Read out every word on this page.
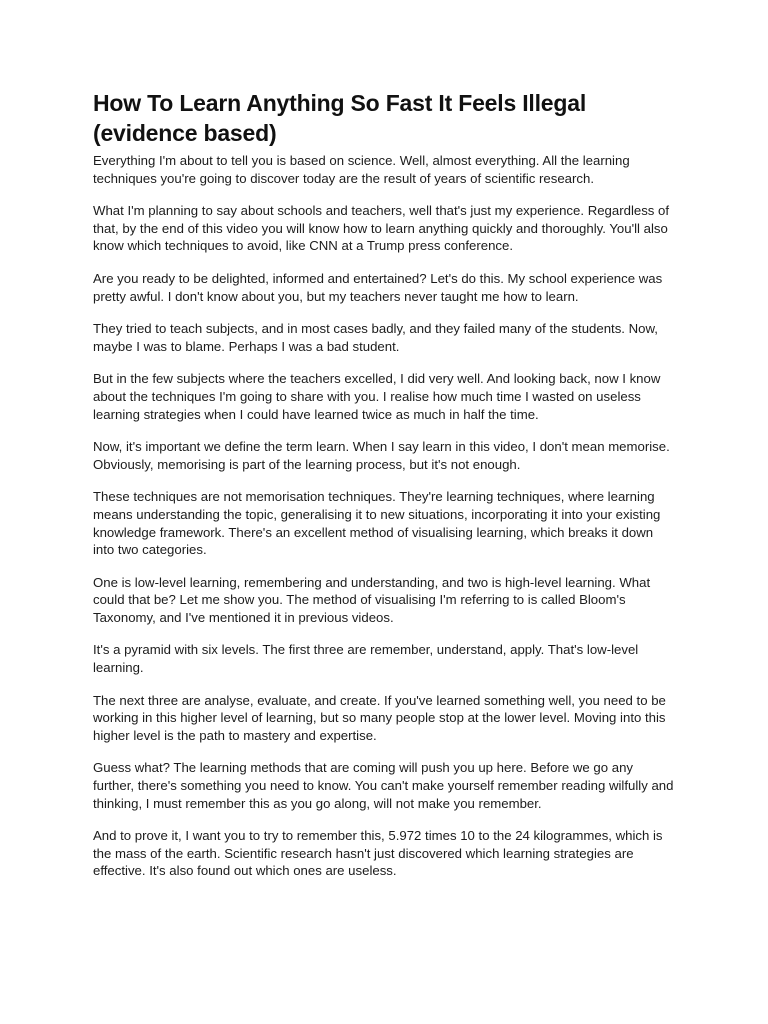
How To Learn Anything So Fast It Feels Illegal (evidence based)

Everything I'm about to tell you is based on science. Well, almost everything. All the learning techniques you're going to discover today are the result of years of scientific research.

What I'm planning to say about schools and teachers, well that's just my experience. Regardless of that, by the end of this video you will know how to learn anything quickly and thoroughly. You'll also know which techniques to avoid, like CNN at a Trump press conference.

Are you ready to be delighted, informed and entertained? Let's do this. My school experience was pretty awful. I don't know about you, but my teachers never taught me how to learn.

They tried to teach subjects, and in most cases badly, and they failed many of the students. Now, maybe I was to blame. Perhaps I was a bad student.

But in the few subjects where the teachers excelled, I did very well. And looking back, now I know about the techniques I'm going to share with you. I realise how much time I wasted on useless learning strategies when I could have learned twice as much in half the time.

Now, it's important we define the term learn. When I say learn in this video, I don't mean memorise. Obviously, memorising is part of the learning process, but it's not enough.

These techniques are not memorisation techniques. They're learning techniques, where learning means understanding the topic, generalising it to new situations, incorporating it into your existing knowledge framework. There's an excellent method of visualising learning, which breaks it down into two categories.

One is low-level learning, remembering and understanding, and two is high-level learning. What could that be? Let me show you. The method of visualising I'm referring to is called Bloom's Taxonomy, and I've mentioned it in previous videos.

It's a pyramid with six levels. The first three are remember, understand, apply. That's low-level learning.

The next three are analyse, evaluate, and create. If you've learned something well, you need to be working in this higher level of learning, but so many people stop at the lower level. Moving into this higher level is the path to mastery and expertise.

Guess what? The learning methods that are coming will push you up here. Before we go any further, there's something you need to know. You can't make yourself remember reading wilfully and thinking, I must remember this as you go along, will not make you remember.

And to prove it, I want you to try to remember this, 5.972 times 10 to the 24 kilogrammes, which is the mass of the earth. Scientific research hasn't just discovered which learning strategies are effective. It's also found out which ones are useless.
